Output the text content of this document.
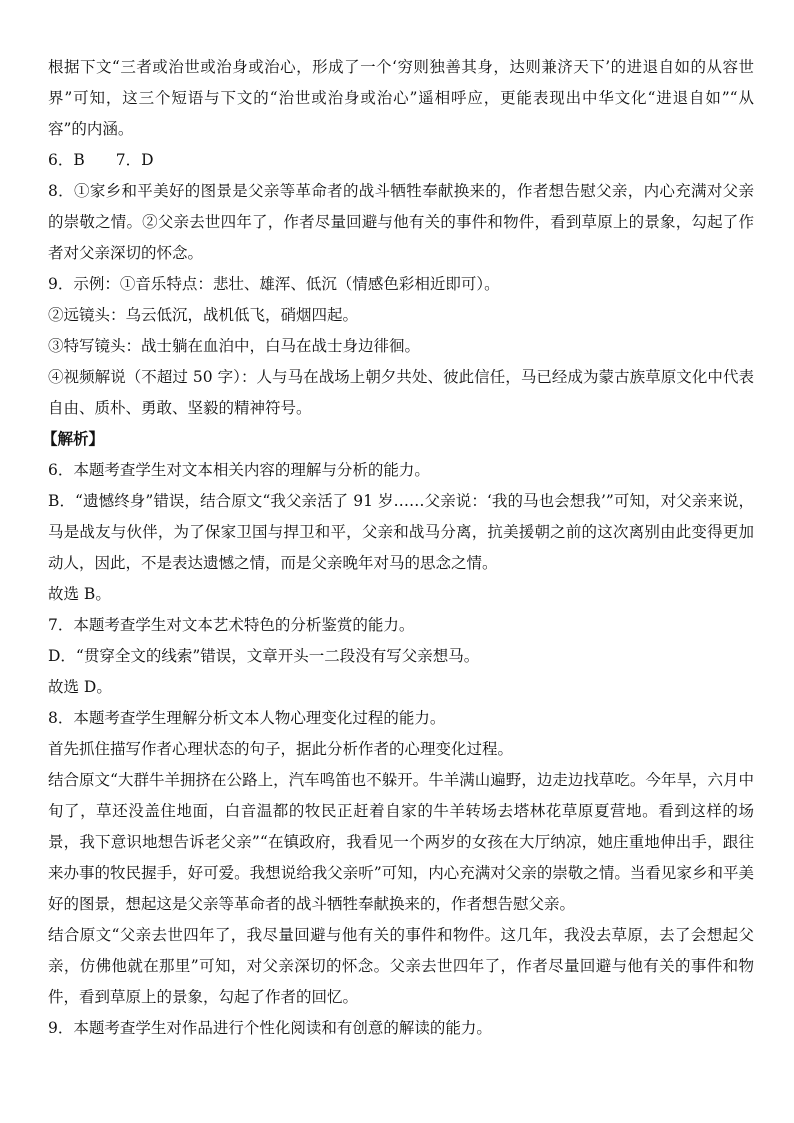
根据下文“三者或治世或治身或治心，形成了一个‘穷则独善其身，达则兼济天下’的进退自如的从容世界”可知，这三个短语与下文的“治世或治身或治心”遥相呼应，更能表现出中华文化“进退自如”“从容”的内涵。

6．B　　7．D

8．①家乡和平美好的图景是父亲等革命者的战斗牺牲奉献换来的，作者想告慰父亲，内心充满对父亲的崇敬之情。②父亲去世四年了，作者尽量回避与他有关的事件和物件，看到草原上的景象，勾起了作者对父亲深切的怀念。

9．示例：①音乐特点：悲壮、雄浑、低沉（情感色彩相近即可）。

②远镜头：乌云低沉，战机低飞，硝烟四起。

③特写镜头：战士躺在血泊中，白马在战士身边徘徊。

④视频解说（不超过 50 字）：人与马在战场上朝夕共处、彼此信任，马已经成为蒙古族草原文化中代表自由、质朴、勇敢、坚毅的精神符号。

【解析】

6．本题考查学生对文本相关内容的理解与分析的能力。

B．“遗憾终身”错误，结合原文“我父亲活了 91 岁……父亲说：‘我的马也会想我’”可知，对父亲来说，马是战友与伙伴，为了保家卫国与捍卫和平，父亲和战马分离，抗美援朝之前的这次离别由此变得更加动人，因此，不是表达遗憾之情，而是父亲晚年对马的思念之情。

故选 B。

7．本题考查学生对文本艺术特色的分析鉴赏的能力。

D．“贯穿全文的线索”错误，文章开头一二段没有写父亲想马。

故选 D。

8．本题考查学生理解分析文本人物心理变化过程的能力。

首先抓住描写作者心理状态的句子，据此分析作者的心理变化过程。

结合原文“大群牛羊拥挤在公路上，汽车鸣笛也不躲开。牛羊满山遍野，边走边找草吃。今年旱，六月中旬了，草还没盖住地面，白音温都的牧民正赶着自家的牛羊转场去塔林花草原夏营地。看到这样的场景，我下意识地想告诉老父亲”“在镇政府，我看见一个两岁的女孩在大厅纳凉，她庄重地伸出手，跟往来办事的牧民握手，好可爱。我想说给我父亲听”可知，内心充满对父亲的崇敬之情。当看见家乡和平美好的图景，想起这是父亲等革命者的战斗牺牲奉献换来的，作者想告慰父亲。

结合原文“父亲去世四年了，我尽量回避与他有关的事件和物件。这几年，我没去草原，去了会想起父亲，仿佛他就在那里”可知，对父亲深切的怀念。父亲去世四年了，作者尽量回避与他有关的事件和物件，看到草原上的景象，勾起了作者的回忆。

9．本题考查学生对作品进行个性化阅读和有创意的解读的能力。
